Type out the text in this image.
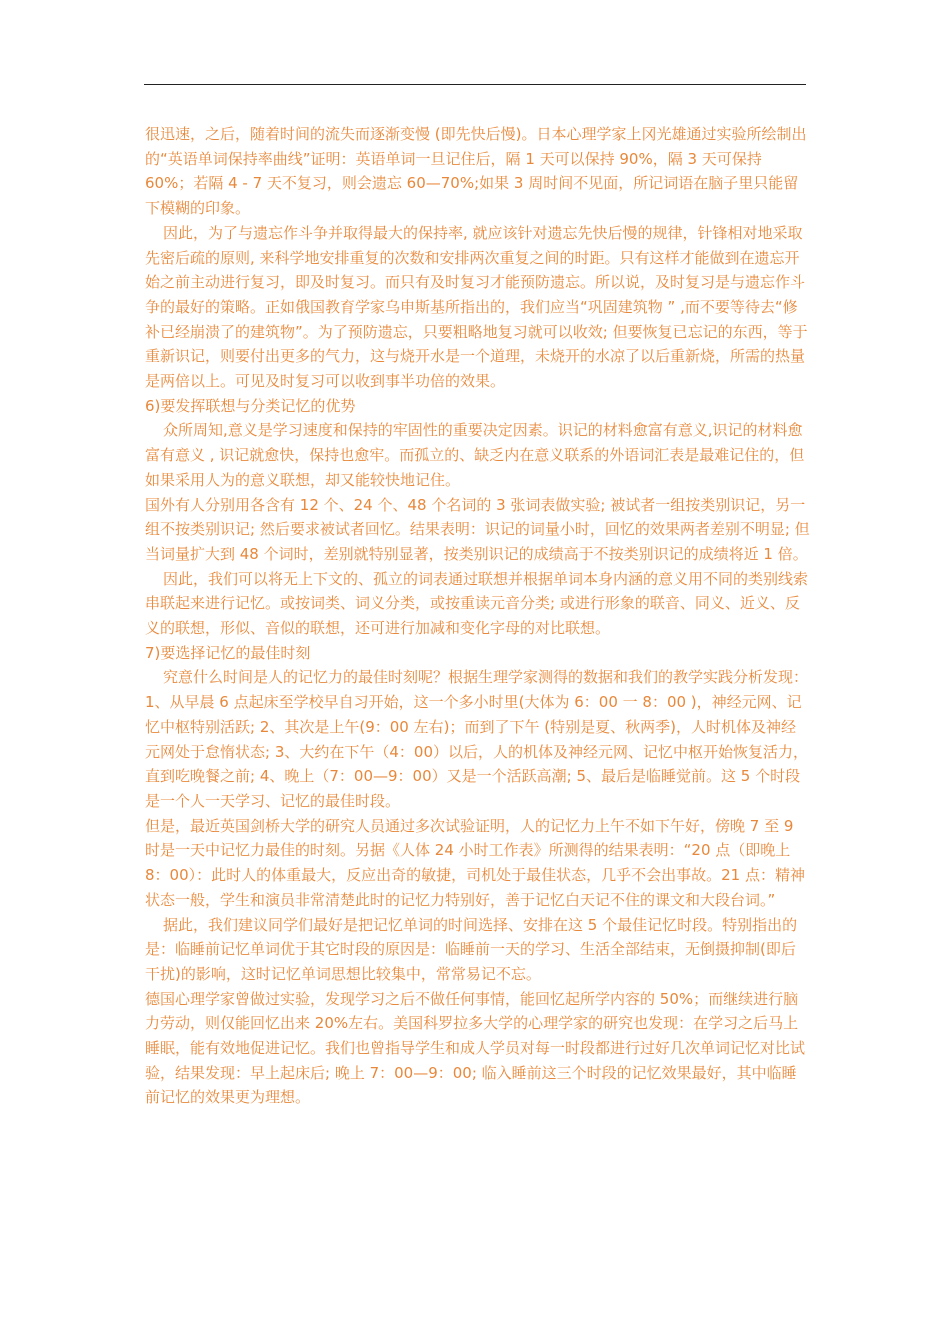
很迅速，之后，随着时间的流失而逐渐变慢 (即先快后慢)。日本心理学家上冈光雄通过实验所绘制出的“英语单词保持率曲线”证明：英语单词一旦记住后，隔 1 天可以保持 90%，隔 3 天可保持 60%；若隔 4 - 7 天不复习，则会遗忘 60—70%;如果 3 周时间不见面，所记词语在脑子里只能留下模糊的印象。

因此，为了与遗忘作斗争并取得最大的保持率, 就应该针对遗忘先快后慢的规律，针锋相对地采取先密后疏的原则, 来科学地安排重复的次数和安排两次重复之间的时距。只有这样才能做到在遗忘开始之前主动进行复习，即及时复习。而只有及时复习才能预防遗忘。所以说，及时复习是与遗忘作斗争的最好的策略。正如俄国教育学家乌申斯基所指出的，我们应当“巩固建筑物 ” ,而不要等待去“修补已经崩溃了的建筑物”。为了预防遗忘，只要粗略地复习就可以收效; 但要恢复已忘记的东西，等于重新识记，则要付出更多的气力，这与烧开水是一个道理，未烧开的水凉了以后重新烧，所需的热量是两倍以上。可见及时复习可以收到事半功倍的效果。

6)要发挥联想与分类记忆的优势

众所周知,意义是学习速度和保持的牢固性的重要决定因素。识记的材料愈富有意义,识记的材料愈富有意义 , 识记就愈快，保持也愈牢。而孤立的、缺乏内在意义联系的外语词汇表是最难记住的，但如果采用人为的意义联想，却又能较快地记住。

国外有人分别用各含有 12 个、24 个、48 个名词的 3 张词表做实验; 被试者一组按类别识记，另一组不按类别识记; 然后要求被试者回忆。结果表明：识记的词量小时，回忆的效果两者差别不明显; 但当词量扩大到 48 个词时，差别就特别显著，按类别识记的成绩高于不按类别识记的成绩将近 1 倍。

因此，我们可以将无上下文的、孤立的词表通过联想并根据单词本身内涵的意义用不同的类别线索串联起来进行记忆。或按词类、词义分类，或按重读元音分类; 或进行形象的联音、同义、近义、反义的联想，形似、音似的联想，还可进行加减和变化字母的对比联想。

7)要选择记忆的最佳时刻

究意什么时间是人的记忆力的最佳时刻呢？根据生理学家测得的数据和我们的教学实践分析发现：1、从早晨 6 点起床至学校早自习开始，这一个多小时里(大体为 6：00 一 8：00 )，神经元网、记忆中枢特别活跃; 2、其次是上午(9：00 左右)；而到了下午 (特别是夏、秋两季)，人时机体及神经元网处于怠惰状态; 3、大约在下午（4：00）以后，人的机体及神经元网、记忆中枢开始恢复活力，直到吃晚餐之前; 4、晚上（7：00—9：00）又是一个活跃高潮; 5、最后是临睡觉前。这 5 个时段是一个人一天学习、记忆的最佳时段。

但是，最近英国剑桥大学的研究人员通过多次试验证明，人的记忆力上午不如下午好，傍晚 7 至 9 时是一天中记忆力最佳的时刻。另据《人体 24 小时工作表》所测得的结果表明：“20 点（即晚上 8：00）：此时人的体重最大，反应出奇的敏捷，司机处于最佳状态，几乎不会出事故。21 点：精神状态一般，学生和演员非常清楚此时的记忆力特别好，善于记忆白天记不住的课文和大段台词。”

据此，我们建议同学们最好是把记忆单词的时间选择、安排在这 5 个最佳记忆时段。特别指出的是：临睡前记忆单词优于其它时段的原因是：临睡前一天的学习、生活全部结束，无倒摄抑制(即后干扰)的影响，这时记忆单词思想比较集中，常常易记不忘。

德国心理学家曾做过实验，发现学习之后不做任何事情，能回忆起所学内容的 50%；而继续进行脑力劳动，则仅能回忆出来 20%左右。美国科罗拉多大学的心理学家的研究也发现：在学习之后马上睡眠，能有效地促进记忆。我们也曾指导学生和成人学员对每一时段都进行过好几次单词记忆对比试验，结果发现：早上起床后; 晚上 7：00—9：00; 临入睡前这三个时段的记忆效果最好，其中临睡前记忆的效果更为理想。
